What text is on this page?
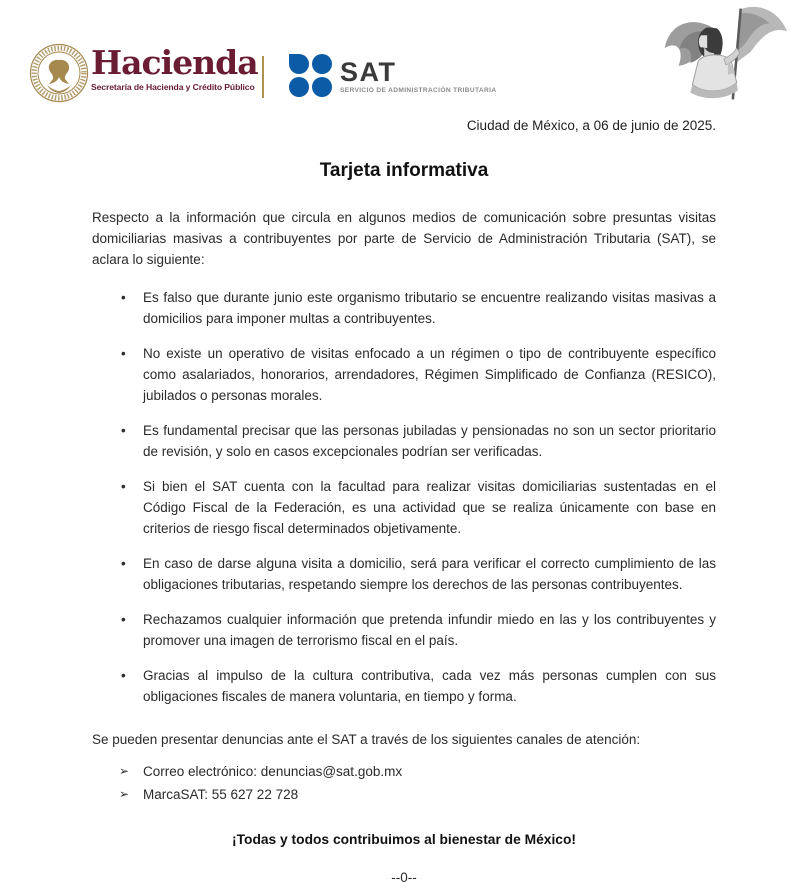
Hacienda
Secretaría de Hacienda y Crédito Público	SAT
SERVICIO DE ADMINISTRACIÓN TRIBUTARIA

Ciudad de México, a 06 de junio de 2025.

Tarjeta informativa

Respecto a la información que circula en algunos medios de comunicación sobre presuntas visitas domiciliarias masivas a contribuyentes por parte de Servicio de Administración Tributaria (SAT), se aclara lo siguiente:

•	Es falso que durante junio este organismo tributario se encuentre realizando visitas masivas a domicilios para imponer multas a contribuyentes.
•	No existe un operativo de visitas enfocado a un régimen o tipo de contribuyente específico como asalariados, honorarios, arrendadores, Régimen Simplificado de Confianza (RESICO), jubilados o personas morales.
•	Es fundamental precisar que las personas jubiladas y pensionadas no son un sector prioritario de revisión, y solo en casos excepcionales podrían ser verificadas.
•	Si bien el SAT cuenta con la facultad para realizar visitas domiciliarias sustentadas en el Código Fiscal de la Federación, es una actividad que se realiza únicamente con base en criterios de riesgo fiscal determinados objetivamente.
•	En caso de darse alguna visita a domicilio, será para verificar el correcto cumplimiento de las obligaciones tributarias, respetando siempre los derechos de las personas contribuyentes.
•	Rechazamos cualquier información que pretenda infundir miedo en las y los contribuyentes y promover una imagen de terrorismo fiscal en el país.
•	Gracias al impulso de la cultura contributiva, cada vez más personas cumplen con sus obligaciones fiscales de manera voluntaria, en tiempo y forma.

Se pueden presentar denuncias ante el SAT a través de los siguientes canales de atención:

➢	Correo electrónico: denuncias@sat.gob.mx
➢	MarcaSAT: 55 627 22 728

¡Todas y todos contribuimos al bienestar de México!

--0--
